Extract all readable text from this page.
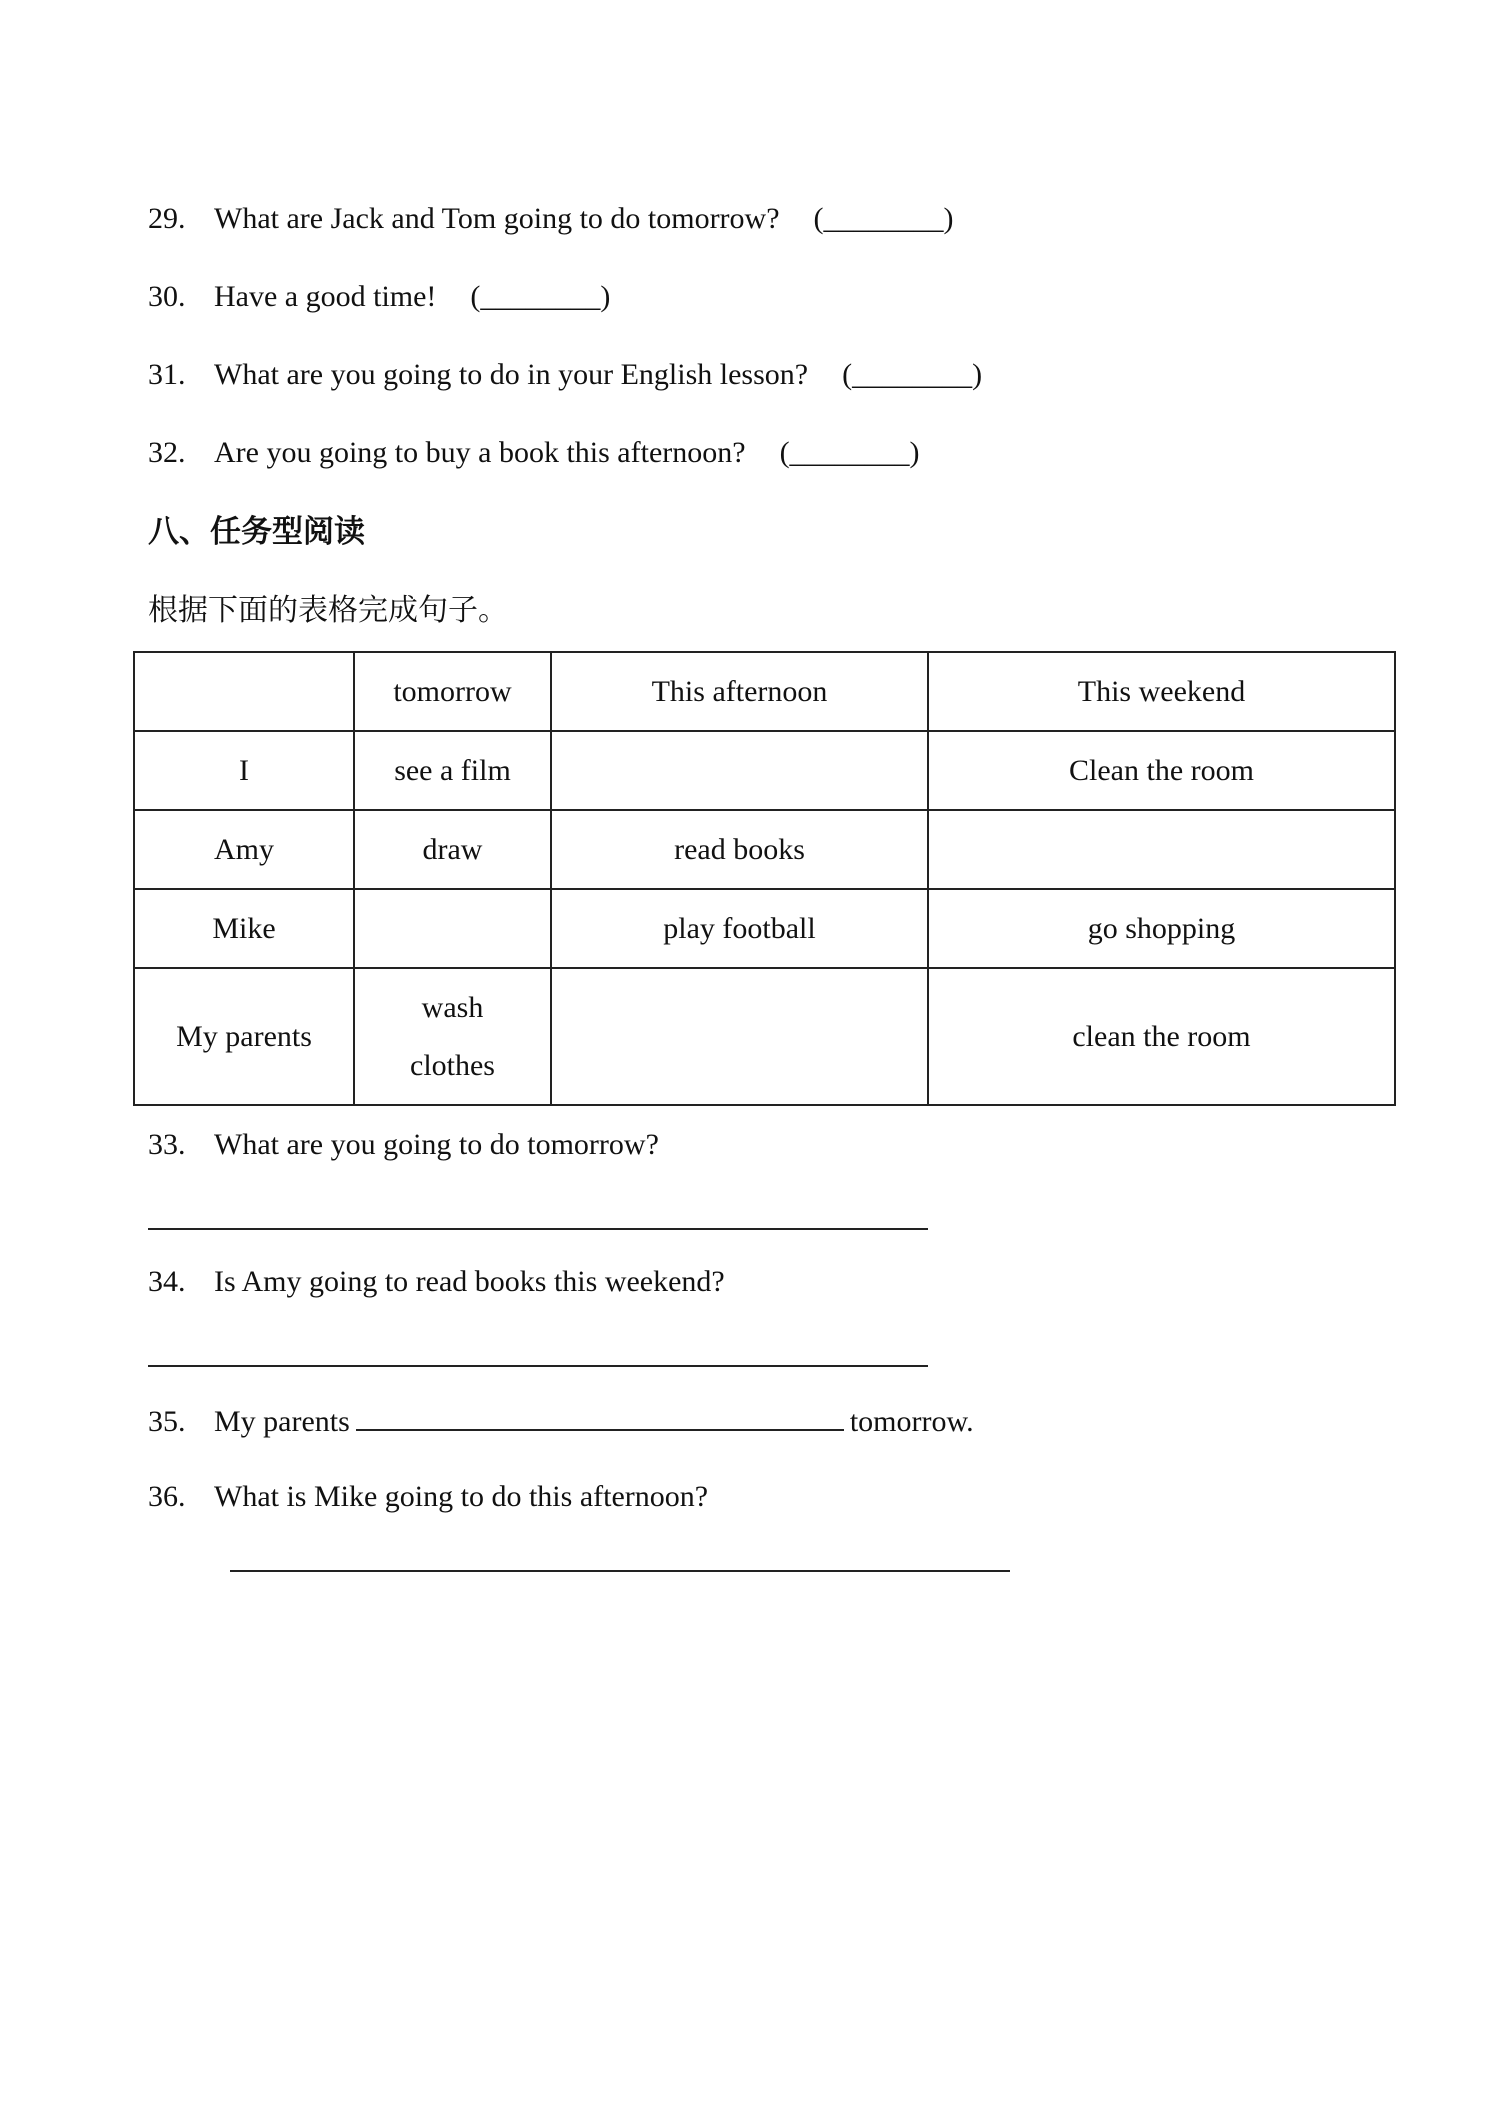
29. What are Jack and Tom going to do tomorrow? (________)
30. Have a good time! (________)
31. What are you going to do in your English lesson? (________)
32. Are you going to buy a book this afternoon? (________)
八、任务型阅读
根据下面的表格完成句子。
	tomorrow	This afternoon	This weekend
I	see a film		Clean the room
Amy	draw	read books	
Mike		play football	go shopping
My parents	wash clothes		clean the room
33. What are you going to do tomorrow?
34. Is Amy going to read books this weekend?
35. My parents	tomorrow.
36. What is Mike going to do this afternoon?
